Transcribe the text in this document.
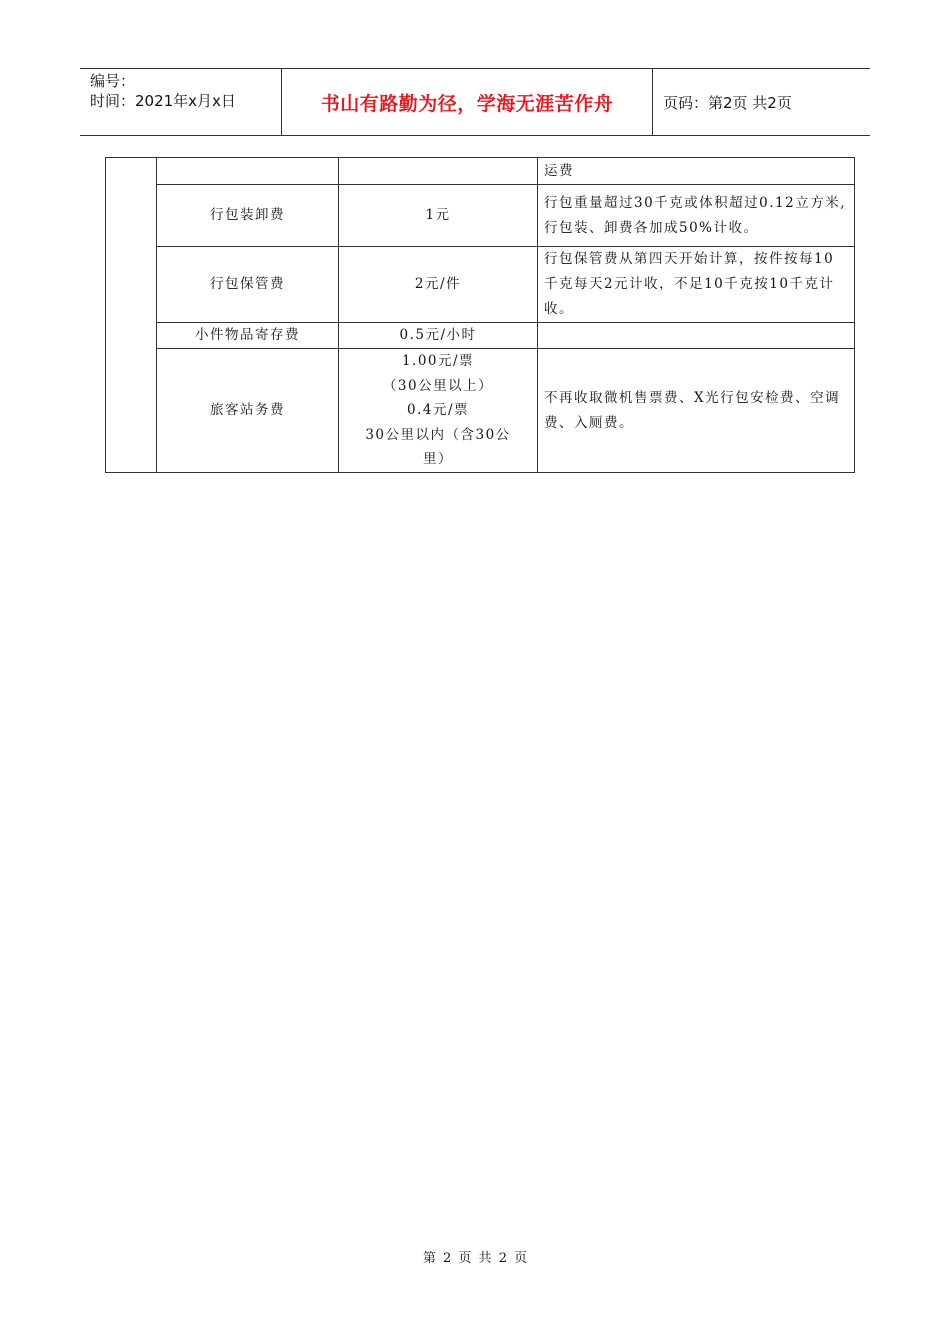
编号：
时间：2021年x月x日	书山有路勤为径，学海无涯苦作舟	页码：第2页 共2页
			运费
	行包装卸费	1元	行包重量超过30千克或体积超过0.12立方米,行包装、卸费各加成50%计收。
	行包保管费	2元/件	行包保管费从第四天开始计算，按件按每10千克每天2元计收，不足10千克按10千克计收。
	小件物品寄存费	0.5元/小时	
	旅客站务费	1.00元/票
（30公里以上）
0.4元/票
30公里以内（含30公
里）	不再收取微机售票费、X光行包安检费、空调费、入厕费。
第 2 页 共 2 页
